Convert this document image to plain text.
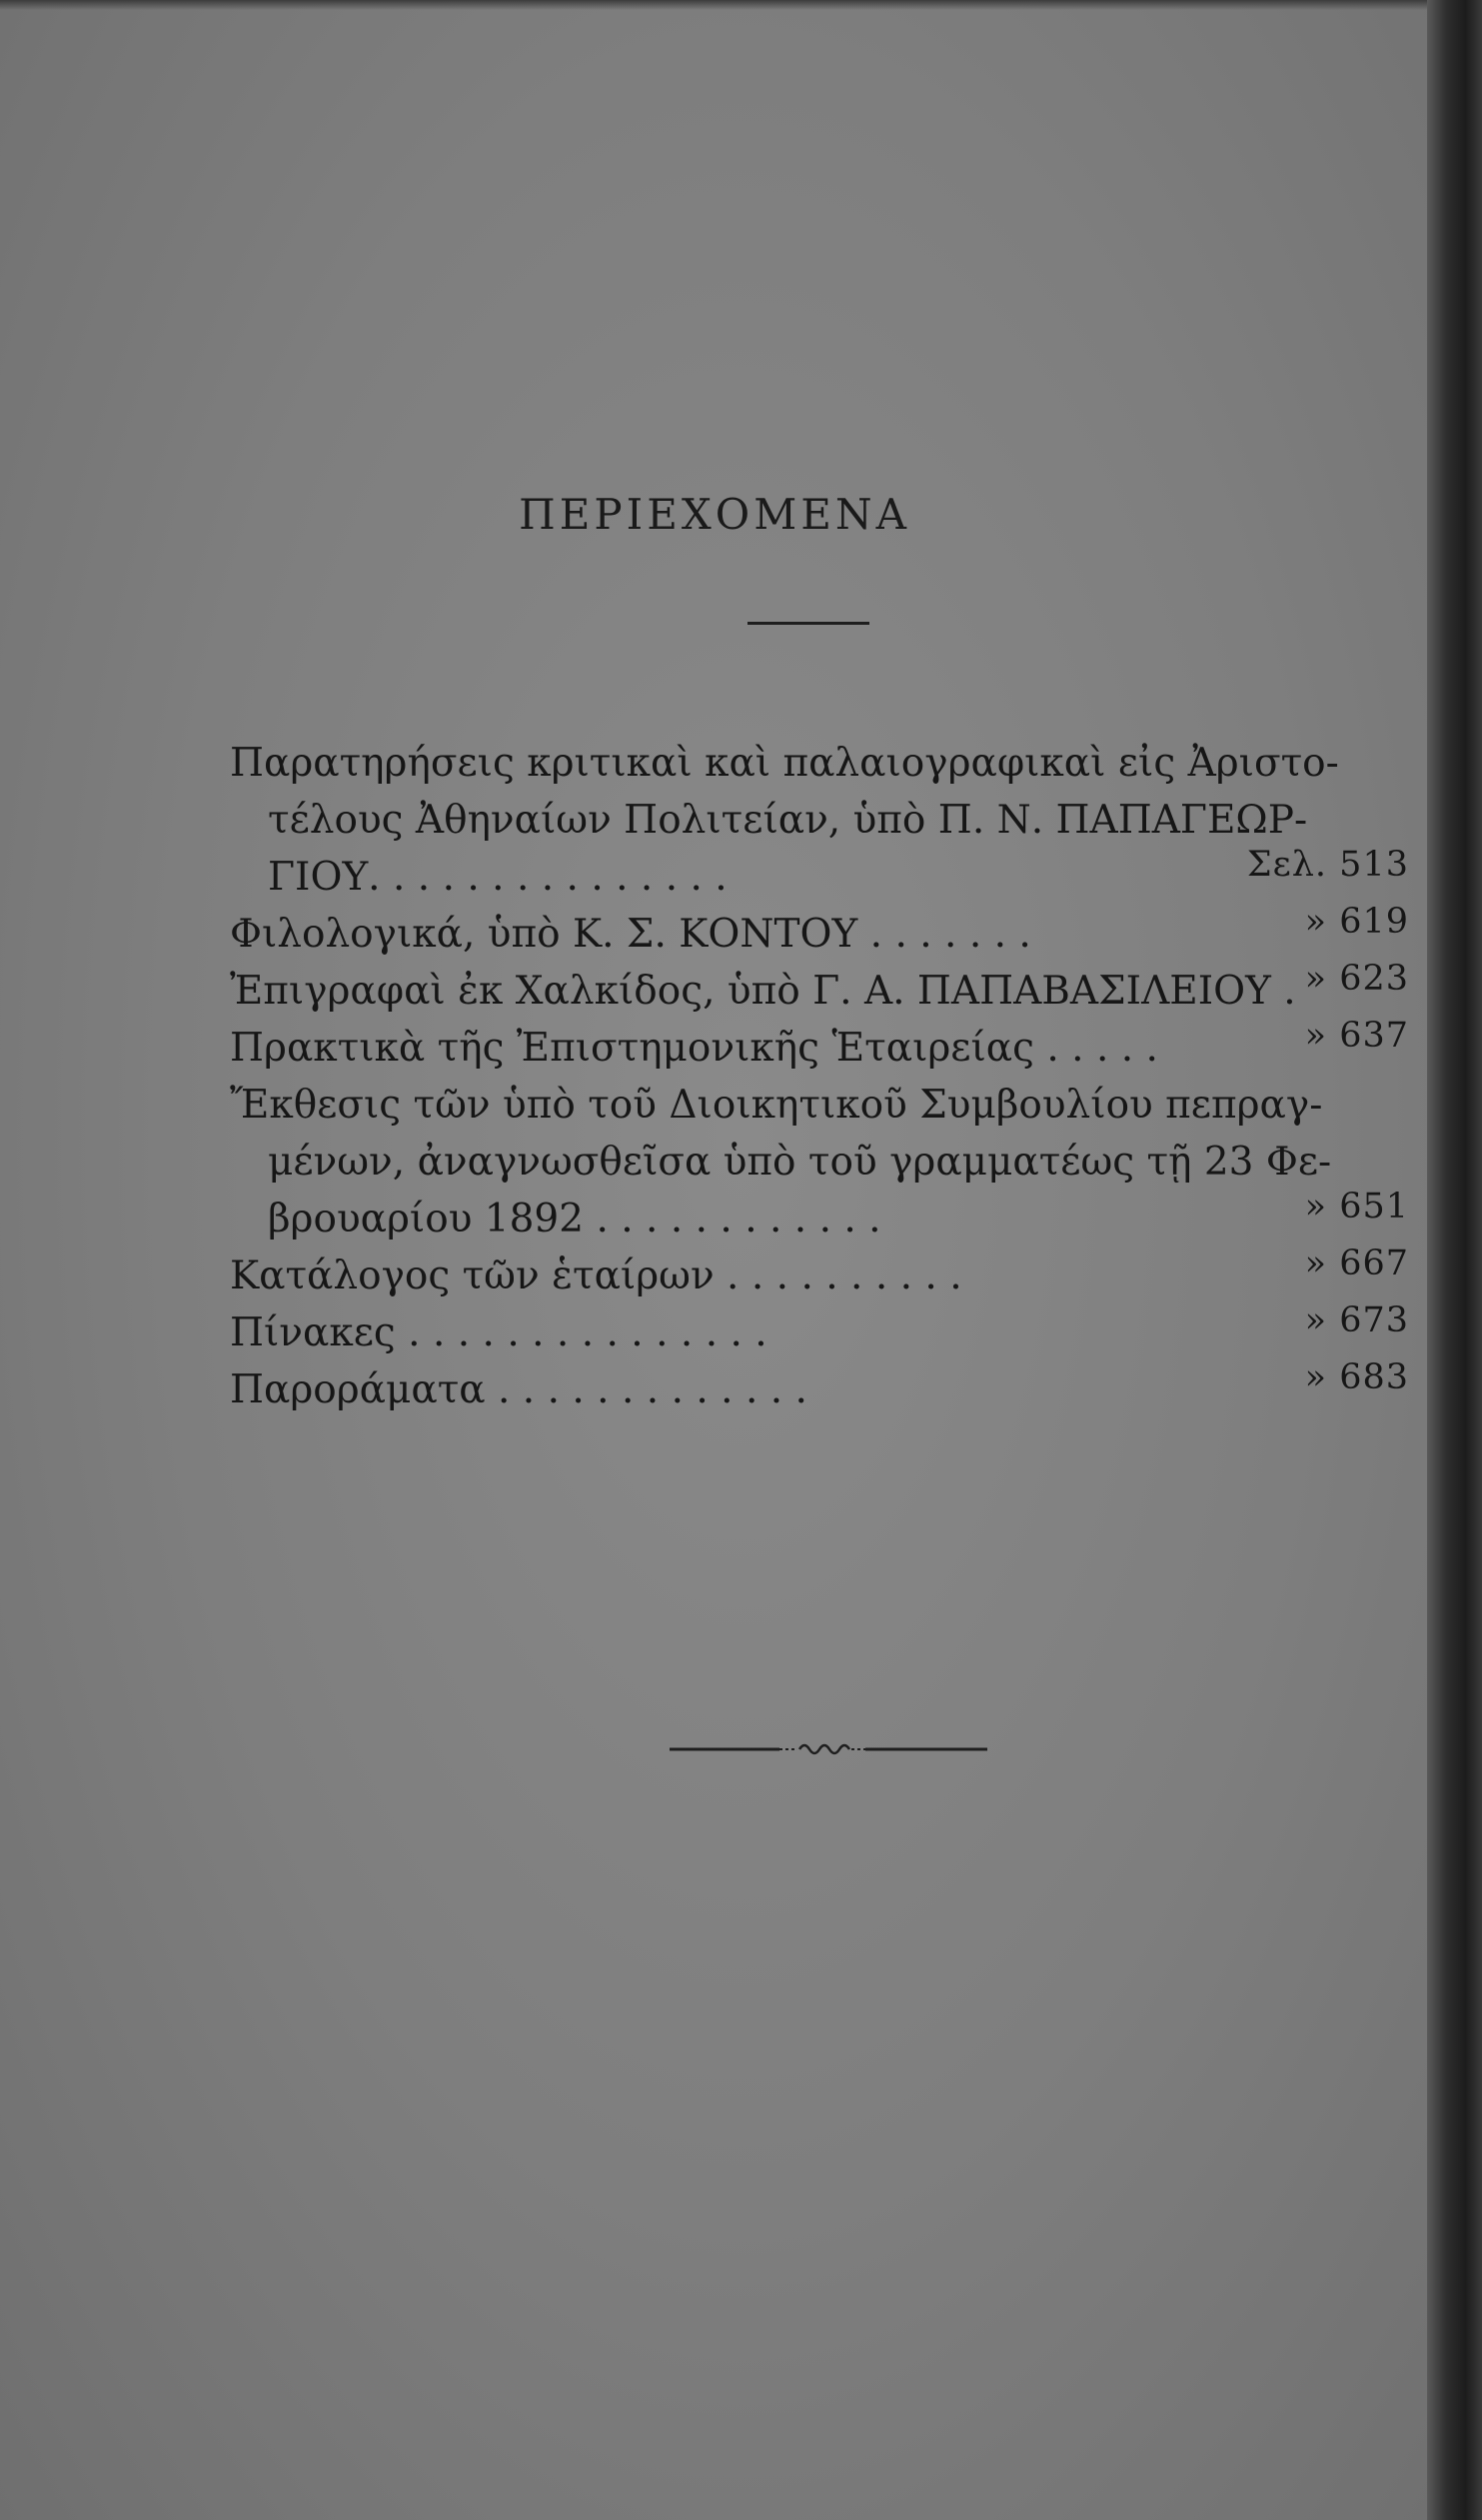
ΠΕΡΙΕΧΟΜΕΝΑ
Παρατηρήσεις κριτικαὶ καὶ παλαιογραφικαὶ εἰς Ἀριστο-
τέλους Ἀθηναίων Πολιτείαν, ὑπὸ Π. Ν. ΠΑΠΑΓΕΩΡ-
ΓΙΟΥ. . . . . . . . . . . . . . .	Σελ. 513
Φιλολογικά, ὑπὸ Κ. Σ. ΚΟΝΤΟΥ . . . . . . .	» 619
Ἐπιγραφαὶ ἐκ Χαλκίδος, ὑπὸ Γ. Α. ΠΑΠΑΒΑΣΙΛΕΙΟΥ . » 623
Πρακτικὰ τῆς Ἐπιστημονικῆς Ἑταιρείας . . . . .	» 637
Ἔκθεσις τῶν ὑπὸ τοῦ Διοικητικοῦ Συμβουλίου πεπραγ-
μένων, ἀναγνωσθεῖσα ὑπὸ τοῦ γραμματέως τῇ 23 Φε-
βρουαρίου 1892 . . . . . . . . . . . .	» 651
Κατάλογος τῶν ἑταίρων . . . . . . . . . .	» 667
Πίνακες . . . . . . . . . . . . . . .	» 673
Παροράματα . . . . . . . . . . . . .	» 683
